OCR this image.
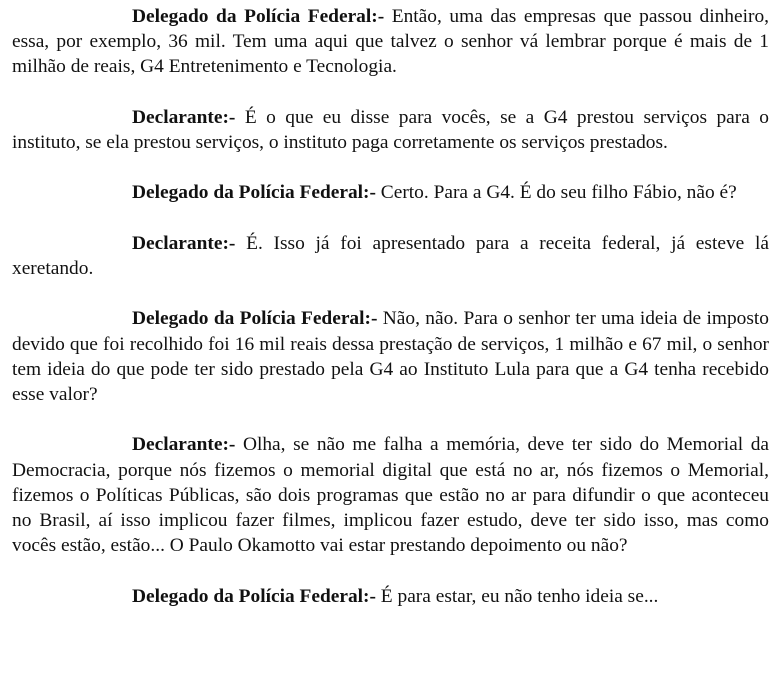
Delegado da Polícia Federal:- Então, uma das empresas que passou dinheiro, essa, por exemplo, 36 mil. Tem uma aqui que talvez o senhor vá lembrar porque é mais de 1 milhão de reais, G4 Entretenimento e Tecnologia.

Declarante:- É o que eu disse para vocês, se a G4 prestou serviços para o instituto, se ela prestou serviços, o instituto paga corretamente os serviços prestados.

Delegado da Polícia Federal:- Certo. Para a G4. É do seu filho Fábio, não é?

Declarante:- É. Isso já foi apresentado para a receita federal, já esteve lá xeretando.

Delegado da Polícia Federal:- Não, não. Para o senhor ter uma ideia de imposto devido que foi recolhido foi 16 mil reais dessa prestação de serviços, 1 milhão e 67 mil, o senhor tem ideia do que pode ter sido prestado pela G4 ao Instituto Lula para que a G4 tenha recebido esse valor?

Declarante:- Olha, se não me falha a memória, deve ter sido do Memorial da Democracia, porque nós fizemos o memorial digital que está no ar, nós fizemos o Memorial, fizemos o Políticas Públicas, são dois programas que estão no ar para difundir o que aconteceu no Brasil, aí isso implicou fazer filmes, implicou fazer estudo, deve ter sido isso, mas como vocês estão, estão... O Paulo Okamotto vai estar prestando depoimento ou não?

Delegado da Polícia Federal:- É para estar, eu não tenho ideia se...
